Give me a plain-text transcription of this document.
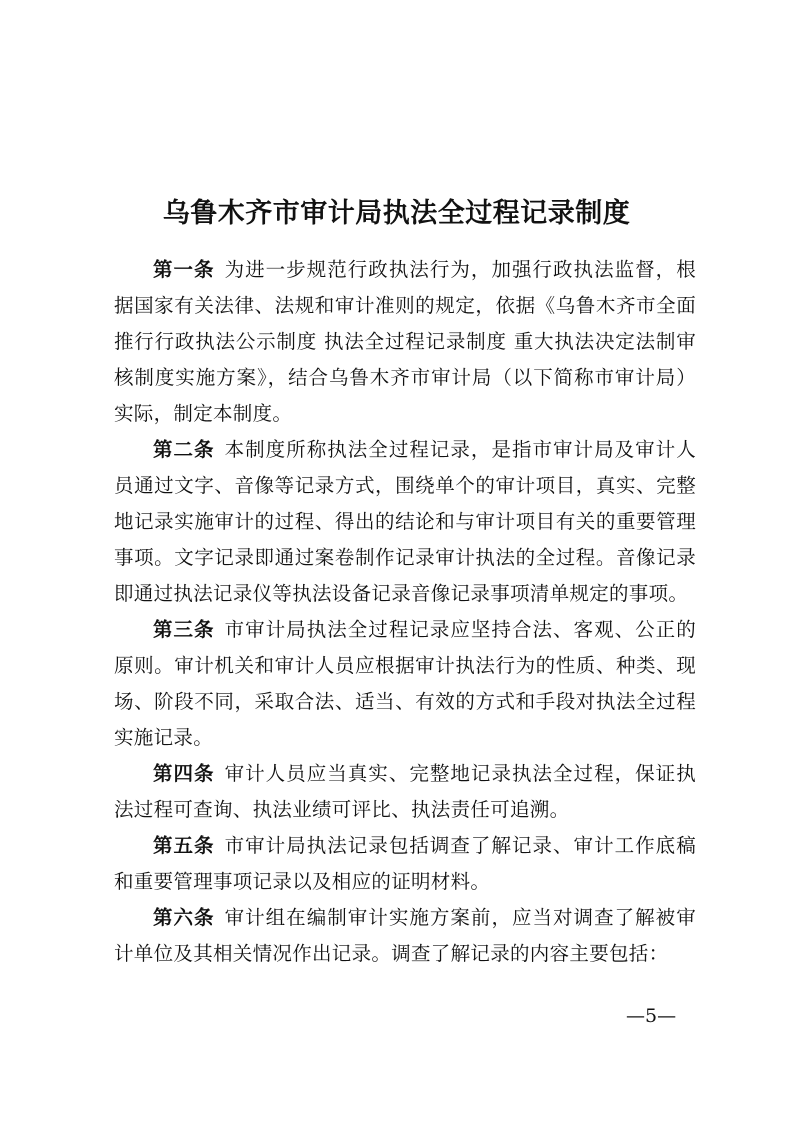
乌鲁木齐市审计局执法全过程记录制度

第一条 为进一步规范行政执法行为，加强行政执法监督，根据国家有关法律、法规和审计准则的规定，依据《乌鲁木齐市全面推行行政执法公示制度 执法全过程记录制度 重大执法决定法制审核制度实施方案》，结合乌鲁木齐市审计局（以下简称市审计局）实际，制定本制度。

第二条 本制度所称执法全过程记录，是指市审计局及审计人员通过文字、音像等记录方式，围绕单个的审计项目，真实、完整地记录实施审计的过程、得出的结论和与审计项目有关的重要管理事项。文字记录即通过案卷制作记录审计执法的全过程。音像记录即通过执法记录仪等执法设备记录音像记录事项清单规定的事项。

第三条 市审计局执法全过程记录应坚持合法、客观、公正的原则。审计机关和审计人员应根据审计执法行为的性质、种类、现场、阶段不同，采取合法、适当、有效的方式和手段对执法全过程实施记录。

第四条 审计人员应当真实、完整地记录执法全过程，保证执法过程可查询、执法业绩可评比、执法责任可追溯。

第五条 市审计局执法记录包括调查了解记录、审计工作底稿和重要管理事项记录以及相应的证明材料。

第六条 审计组在编制审计实施方案前，应当对调查了解被审计单位及其相关情况作出记录。调查了解记录的内容主要包括：

—5—
